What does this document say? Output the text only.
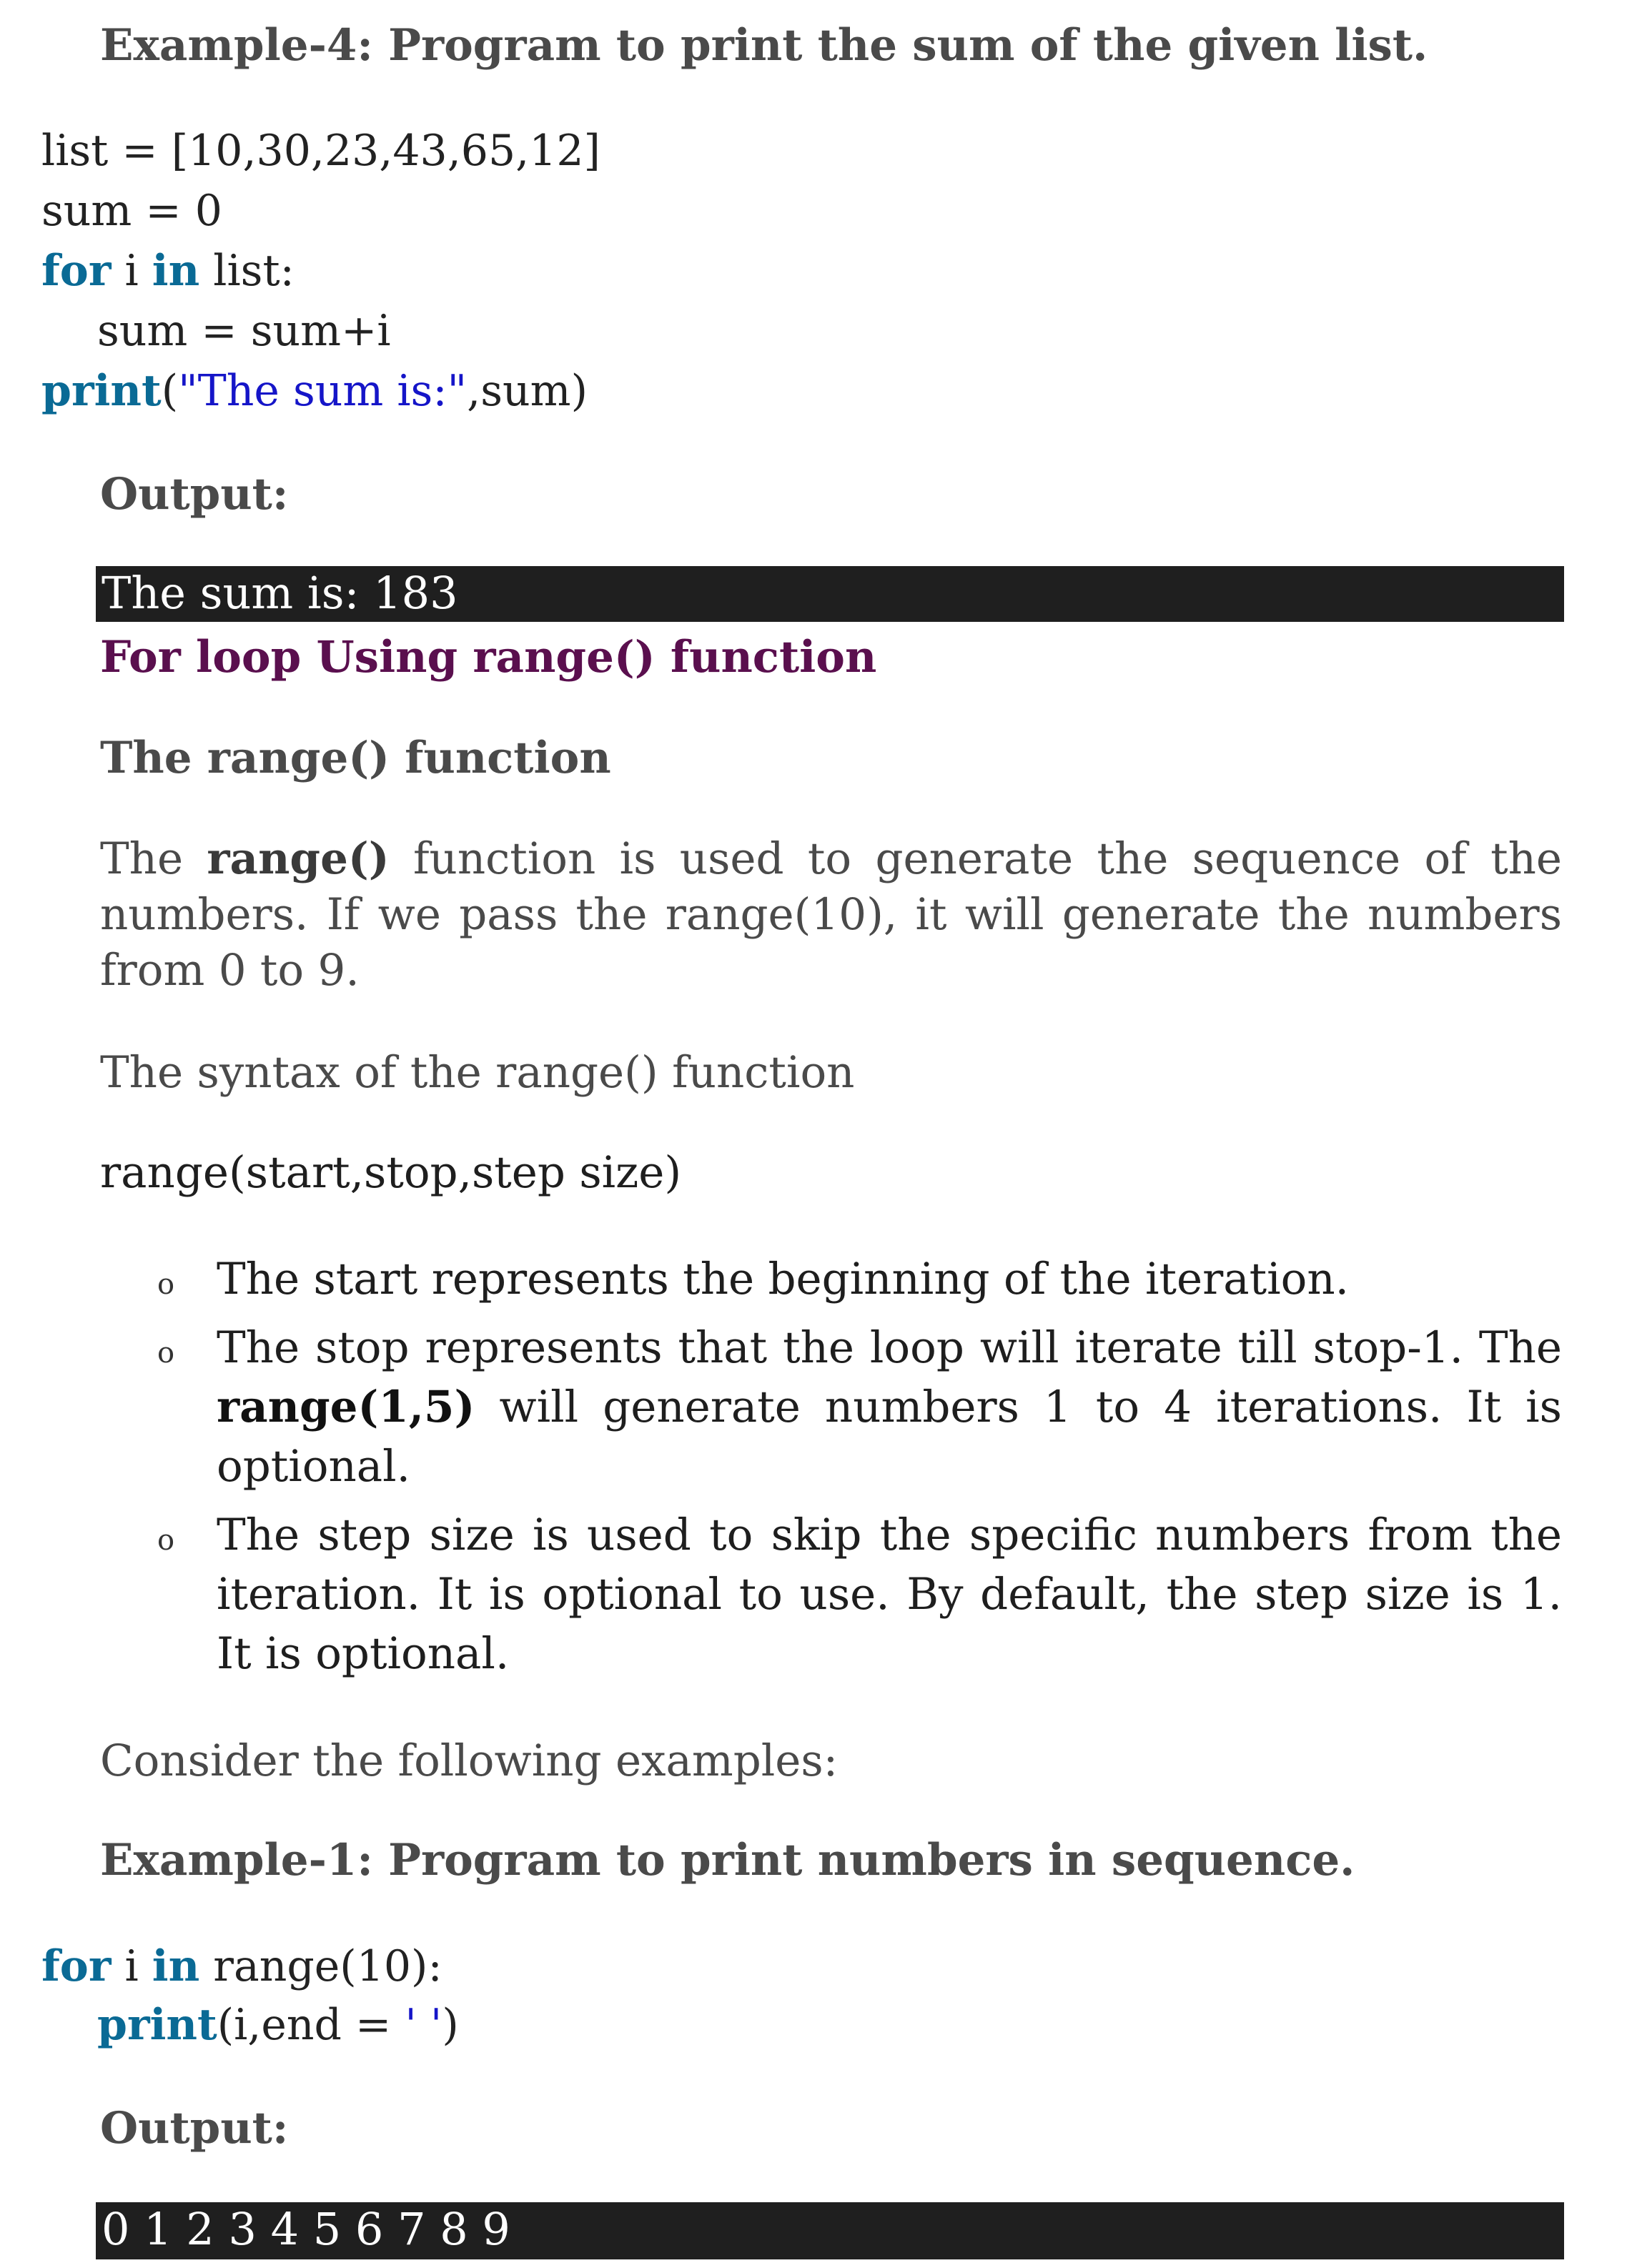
Example-4: Program to print the sum of the given list.
list = [10,30,23,43,65,12]
sum = 0
for i in list:
sum = sum+i
print("The sum is:",sum)
Output:
The sum is: 183
For loop Using range() function
The range() function
The range() function is used to generate the sequence of the numbers. If we pass the range(10), it will generate the numbers from 0 to 9.
The syntax of the range() function
range(start,stop,step size)
o The start represents the beginning of the iteration.
o The stop represents that the loop will iterate till stop-1. The range(1,5) will generate numbers 1 to 4 iterations. It is optional.
o The step size is used to skip the specific numbers from the iteration. It is optional to use. By default, the step size is 1. It is optional.
Consider the following examples:
Example-1: Program to print numbers in sequence.
for i in range(10):
print(i,end = ' ')
Output:
0 1 2 3 4 5 6 7 8 9
